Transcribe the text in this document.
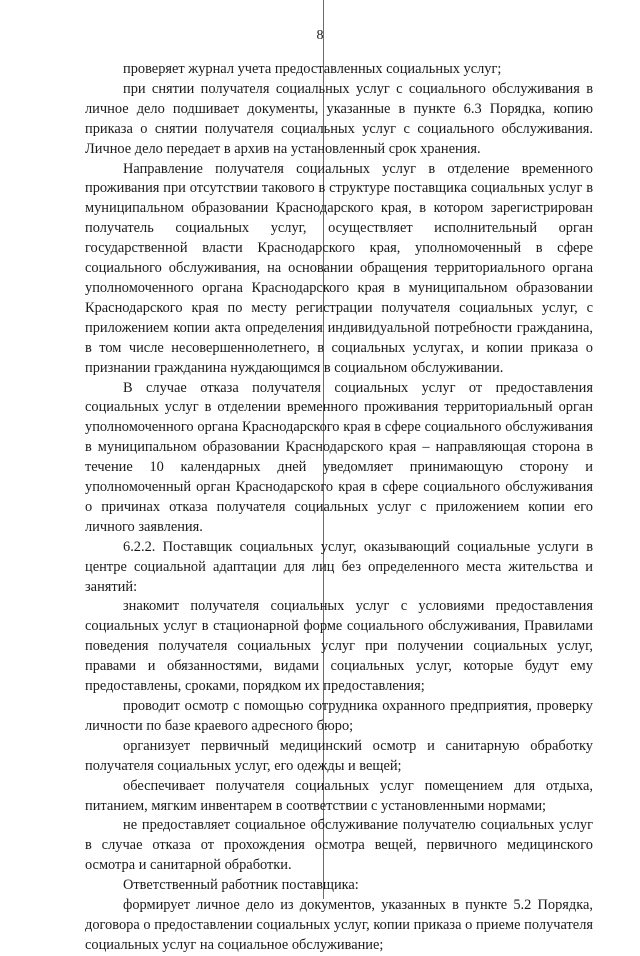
8

проверяет журнал учета предоставленных социальных услуг;

при снятии получателя социальных услуг с социального обслуживания в личное дело подшивает документы, указанные в пункте 6.3 Порядка, копию приказа о снятии получателя социальных услуг с социального обслуживания. Личное дело передает в архив на установленный срок хранения.

Направление получателя социальных услуг в отделение временного проживания при отсутствии такового в структуре поставщика социальных услуг в муниципальном образовании Краснодарского края, в котором зарегистрирован получатель социальных услуг, осуществляет исполнительный орган государственной власти Краснодарского края, уполномоченный в сфере социального обслуживания, на основании обращения территориального органа уполномоченного органа Краснодарского края в муниципальном образовании Краснодарского края по месту регистрации получателя социальных услуг, с приложением копии акта определения индивидуальной потребности гражданина, в том числе несовершеннолетнего, в социальных услугах, и копии приказа о признании гражданина нуждающимся в социальном обслуживании.

В случае отказа получателя социальных услуг от предоставления социальных услуг в отделении временного проживания территориальный орган уполномоченного органа Краснодарского края в сфере социального обслуживания в муниципальном образовании Краснодарского края – направляющая сторона в течение 10 календарных дней уведомляет принимающую сторону и уполномоченный орган Краснодарского края в сфере социального обслуживания о причинах отказа получателя социальных услуг с приложением копии его личного заявления.

6.2.2. Поставщик социальных услуг, оказывающий социальные услуги в центре социальной адаптации для лиц без определенного места жительства и занятий:

знакомит получателя социальных услуг с условиями предоставления социальных услуг в стационарной форме социального обслуживания, Правилами поведения получателя социальных услуг при получении социальных услуг, правами и обязанностями, видами социальных услуг, которые будут ему предоставлены, сроками, порядком их предоставления;

проводит осмотр с помощью сотрудника охранного предприятия, проверку личности по базе краевого адресного бюро;

организует первичный медицинский осмотр и санитарную обработку получателя социальных услуг, его одежды и вещей;

обеспечивает получателя социальных услуг помещением для отдыха, питанием, мягким инвентарем в соответствии с установленными нормами;

не предоставляет социальное обслуживание получателю социальных услуг в случае отказа от прохождения осмотра вещей, первичного медицинского осмотра и санитарной обработки.

Ответственный работник поставщика:

формирует личное дело из документов, указанных в пункте 5.2 Порядка, договора о предоставлении социальных услуг, копии приказа о приеме получателя социальных услуг на социальное обслуживание;
